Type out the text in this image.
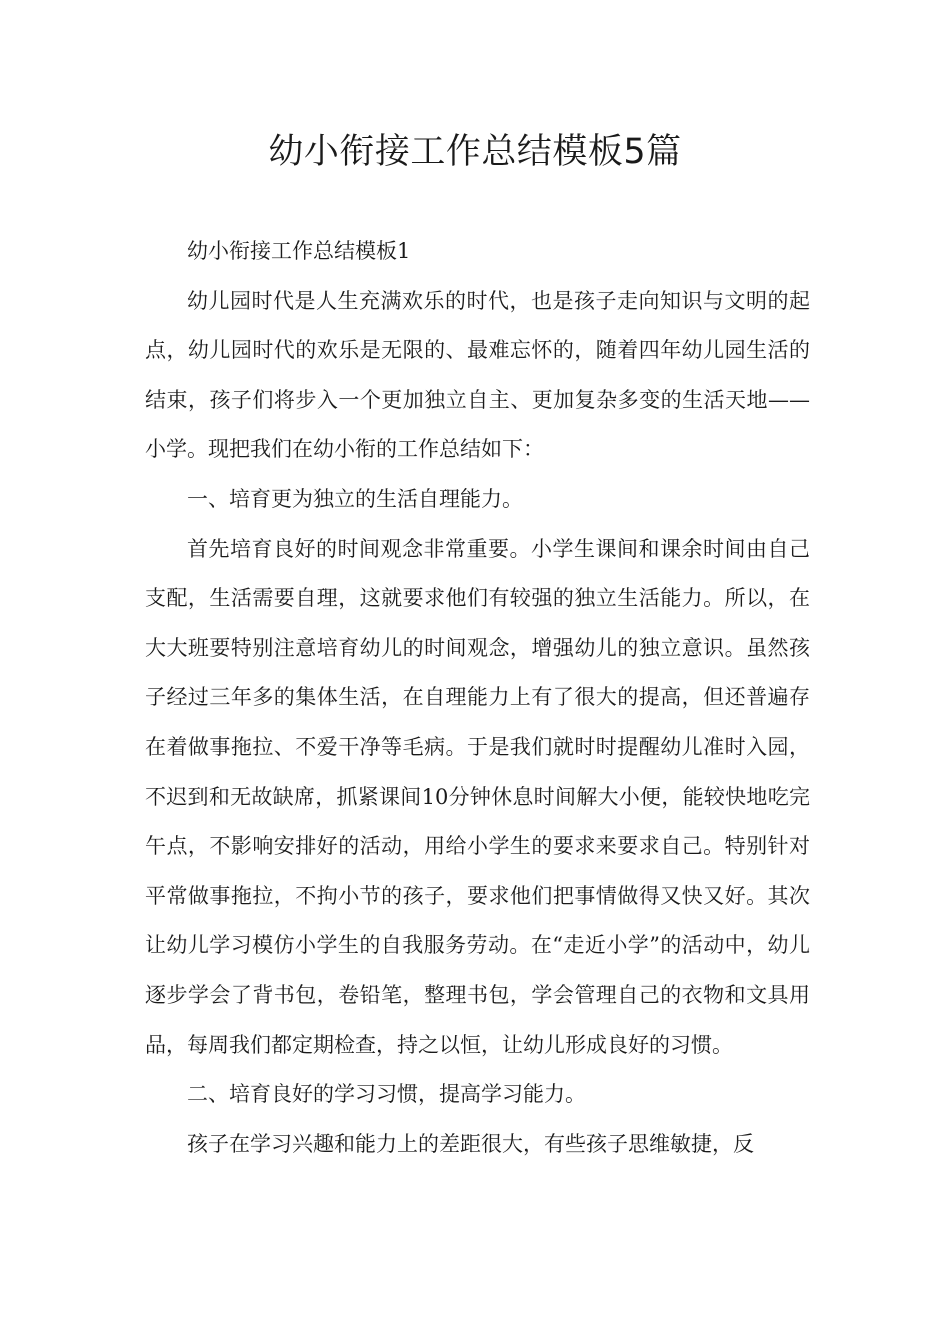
幼小衔接工作总结模板5篇

幼小衔接工作总结模板1

幼儿园时代是人生充满欢乐的时代，也是孩子走向知识与文明的起点，幼儿园时代的欢乐是无限的、最难忘怀的，随着四年幼儿园生活的结束，孩子们将步入一个更加独立自主、更加复杂多变的生活天地——小学。现把我们在幼小衔的工作总结如下：

一、培育更为独立的生活自理能力。

首先培育良好的时间观念非常重要。小学生课间和课余时间由自己支配，生活需要自理，这就要求他们有较强的独立生活能力。所以，在大大班要特别注意培育幼儿的时间观念，增强幼儿的独立意识。虽然孩子经过三年多的集体生活，在自理能力上有了很大的提高，但还普遍存在着做事拖拉、不爱干净等毛病。于是我们就时时提醒幼儿准时入园，不迟到和无故缺席，抓紧课间10分钟休息时间解大小便，能较快地吃完午点，不影响安排好的活动，用给小学生的要求来要求自己。特别针对平常做事拖拉，不拘小节的孩子，要求他们把事情做得又快又好。其次让幼儿学习模仿小学生的自我服务劳动。在“走近小学”的活动中，幼儿逐步学会了背书包，卷铅笔，整理书包，学会管理自己的衣物和文具用品，每周我们都定期检查，持之以恒，让幼儿形成良好的习惯。

二、培育良好的学习习惯，提高学习能力。

孩子在学习兴趣和能力上的差距很大，有些孩子思维敏捷，反
